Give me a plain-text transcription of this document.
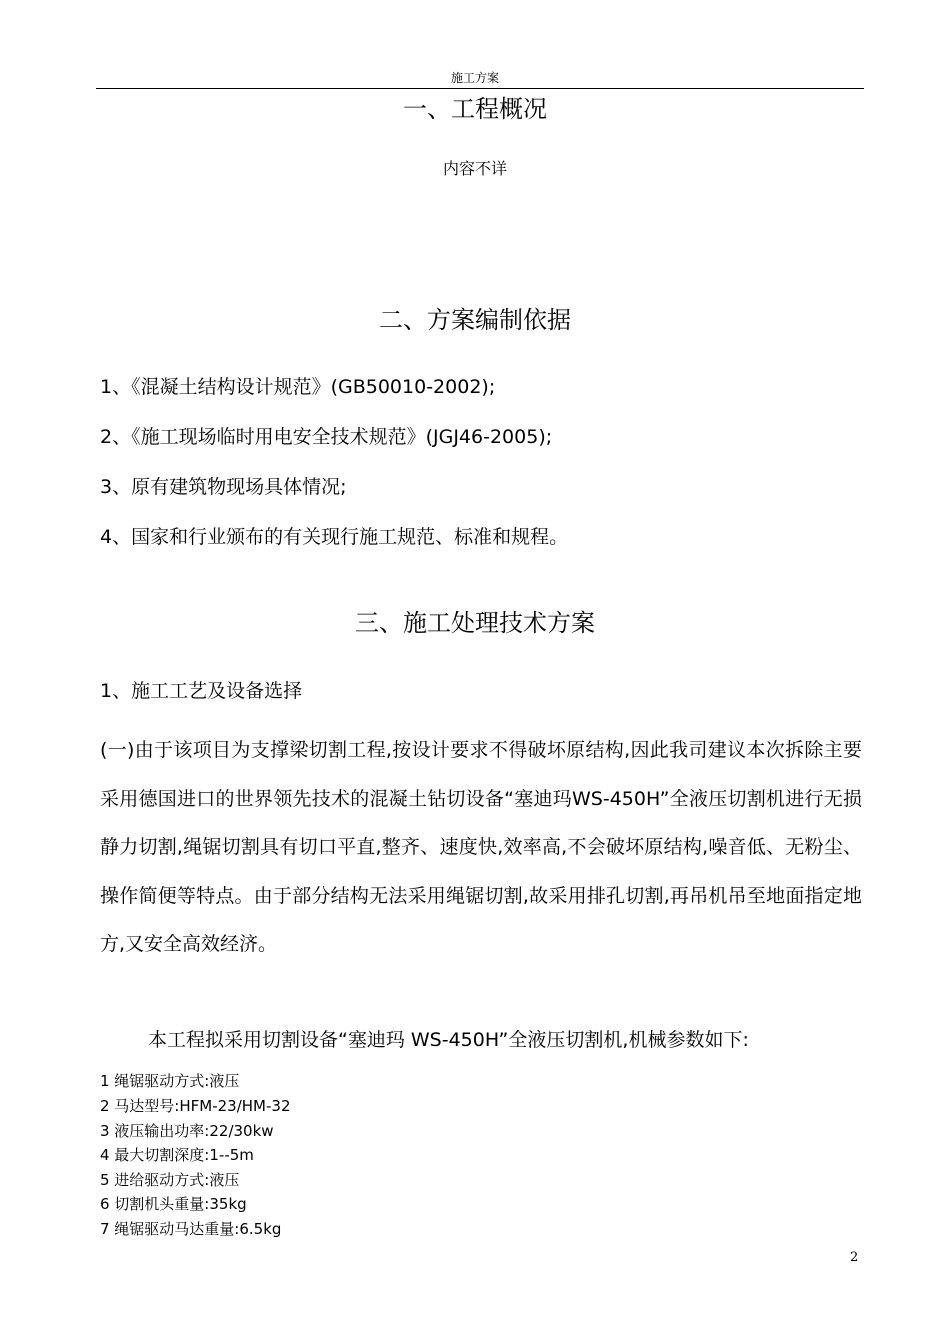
施工方案
一、工程概况
内容不详
二、方案编制依据
1、《混凝土结构设计规范》(GB50010-2002);
2、《施工现场临时用电安全技术规范》(JGJ46-2005);
3、原有建筑物现场具体情况;
4、国家和行业颁布的有关现行施工规范、标准和规程。
三、施工处理技术方案
1、施工工艺及设备选择
(一)由于该项目为支撑梁切割工程,按设计要求不得破坏原结构,因此我司建议本次拆除主要采用德国进口的世界领先技术的混凝土钻切设备“塞迪玛WS-450H”全液压切割机进行无损静力切割,绳锯切割具有切口平直,整齐、速度快,效率高,不会破坏原结构,噪音低、无粉尘、操作简便等特点。由于部分结构无法采用绳锯切割,故采用排孔切割,再吊机吊至地面指定地方,又安全高效经济。
本工程拟采用切割设备“塞迪玛 WS-450H”全液压切割机,机械参数如下:
1 绳锯驱动方式:液压
2 马达型号:HFM-23/HM-32
3 液压输出功率:22/30kw
4 最大切割深度:1--5m
5 进给驱动方式:液压
6 切割机头重量:35kg
7 绳锯驱动马达重量:6.5kg
2
